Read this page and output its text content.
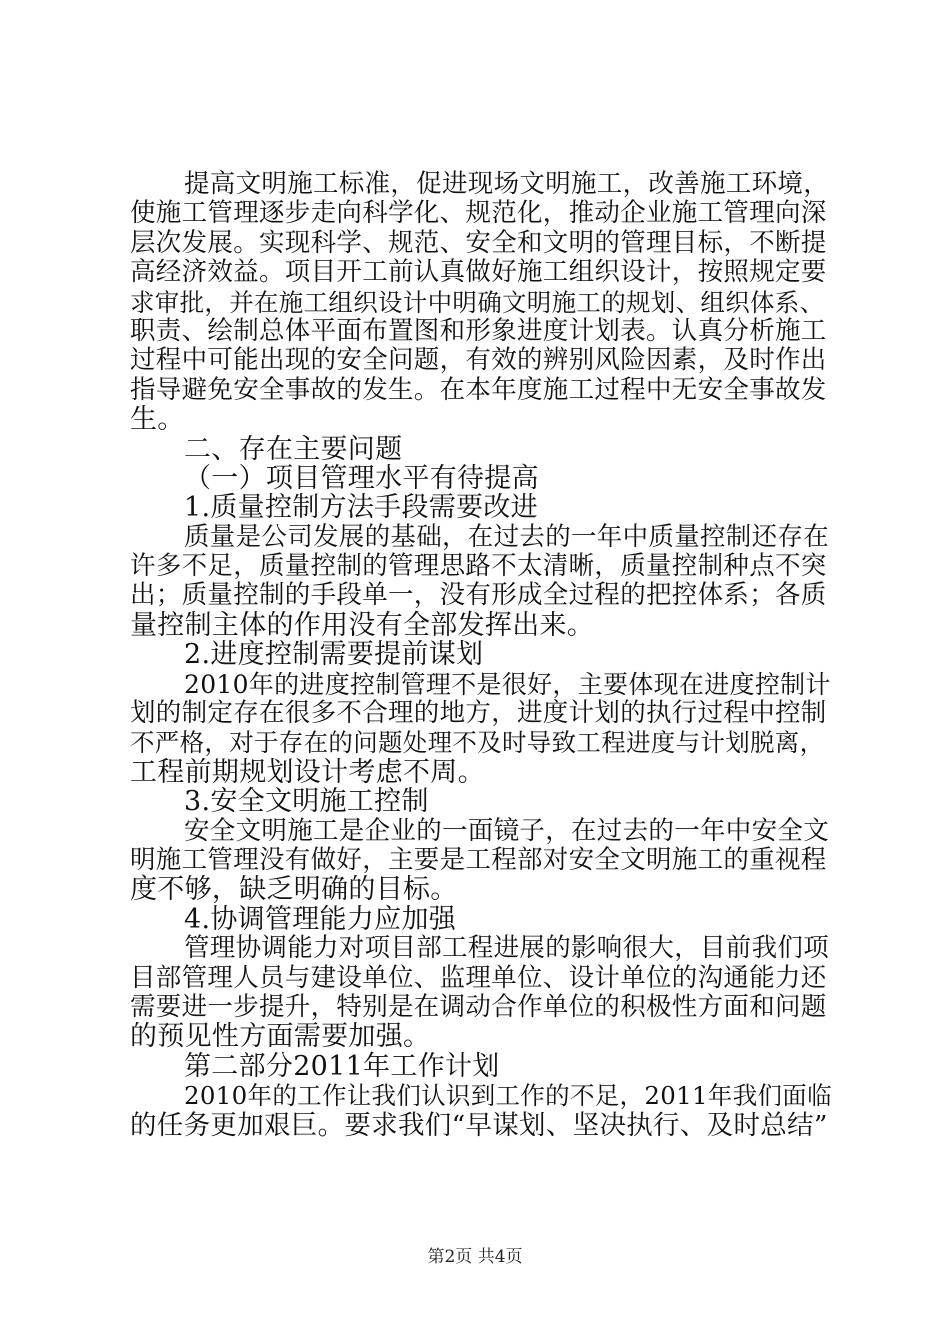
提高文明施工标准，促进现场文明施工，改善施工环境，
使施工管理逐步走向科学化、规范化，推动企业施工管理向深
层次发展。实现科学、规范、安全和文明的管理目标，不断提
高经济效益。项目开工前认真做好施工组织设计，按照规定要
求审批，并在施工组织设计中明确文明施工的规划、组织体系、
职责、绘制总体平面布置图和形象进度计划表。认真分析施工
过程中可能出现的安全问题，有效的辨别风险因素，及时作出
指导避免安全事故的发生。在本年度施工过程中无安全事故发
生。
二、存在主要问题
（一）项目管理水平有待提高
1.质量控制方法手段需要改进
质量是公司发展的基础，在过去的一年中质量控制还存在
许多不足，质量控制的管理思路不太清晰，质量控制种点不突
出；质量控制的手段单一，没有形成全过程的把控体系；各质
量控制主体的作用没有全部发挥出来。
2.进度控制需要提前谋划
2010年的进度控制管理不是很好，主要体现在进度控制计
划的制定存在很多不合理的地方，进度计划的执行过程中控制
不严格，对于存在的问题处理不及时导致工程进度与计划脱离，
工程前期规划设计考虑不周。
3.安全文明施工控制
安全文明施工是企业的一面镜子，在过去的一年中安全文
明施工管理没有做好，主要是工程部对安全文明施工的重视程
度不够，缺乏明确的目标。
4.协调管理能力应加强
管理协调能力对项目部工程进展的影响很大，目前我们项
目部管理人员与建设单位、监理单位、设计单位的沟通能力还
需要进一步提升，特别是在调动合作单位的积极性方面和问题
的预见性方面需要加强。
第二部分2011年工作计划
2010年的工作让我们认识到工作的不足，2011年我们面临
的任务更加艰巨。要求我们“早谋划、坚决执行、及时总结”
第2页 共4页
